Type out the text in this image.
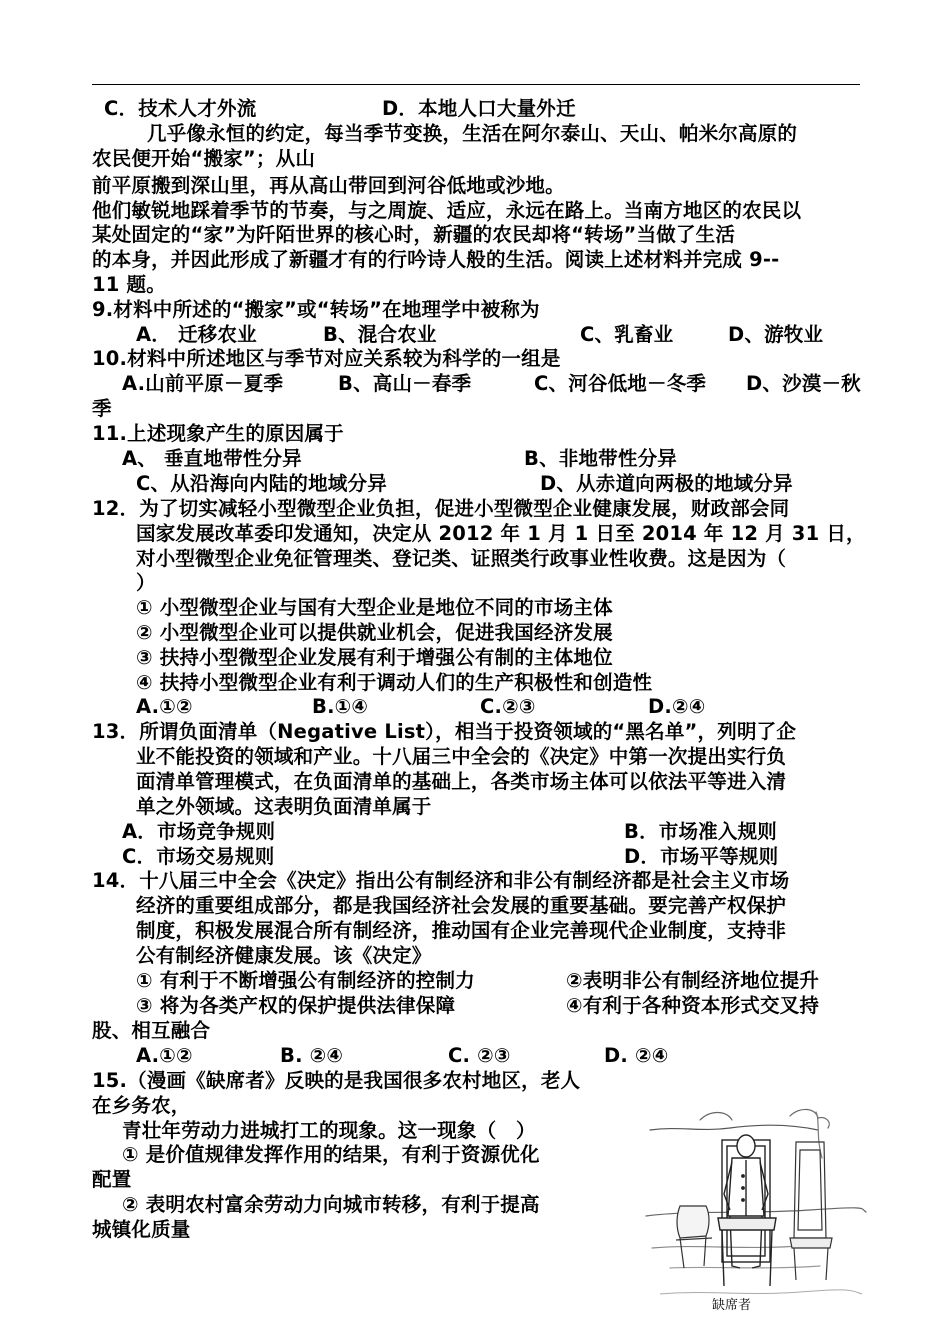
C．技术人才外流	D．本地人口大量外迁
几乎像永恒的约定，每当季节变换，生活在阿尔泰山、天山、帕米尔高原的
农民便开始“搬家”；从山
前平原搬到深山里，再从高山带回到河谷低地或沙地。
他们敏锐地踩着季节的节奏，与之周旋、适应，永远在路上。当南方地区的农民以
某处固定的“家”为阡陌世界的核心时，新疆的农民却将“转场”当做了生活
的本身，并因此形成了新疆才有的行吟诗人般的生活。阅读上述材料并完成 9--
11 题。
9.材料中所述的“搬家”或“转场”在地理学中被称为
A． 迁移农业	B、混合农业	C、乳畜业	D、游牧业
10.材料中所述地区与季节对应关系较为科学的一组是
A.山前平原－夏季	B、高山－春季	C、河谷低地－冬季 D、沙漠－秋
季
11.上述现象产生的原因属于
A、 垂直地带性分异	B、非地带性分异
C、从沿海向内陆的地域分异	D、从赤道向两极的地域分异
12．为了切实减轻小型微型企业负担，促进小型微型企业健康发展，财政部会同
国家发展改革委印发通知，决定从 2012 年 1 月 1 日至 2014 年 12 月 31 日，
对小型微型企业免征管理类、登记类、证照类行政事业性收费。这是因为（
）
① 小型微型企业与国有大型企业是地位不同的市场主体
② 小型微型企业可以提供就业机会，促进我国经济发展
③ 扶持小型微型企业发展有利于增强公有制的主体地位
④ 扶持小型微型企业有利于调动人们的生产积极性和创造性
A.①②	B.①④	C.②③	D.②④
13．所谓负面清单（Negative List），相当于投资领域的“黑名单”，列明了企
业不能投资的领域和产业。十八届三中全会的《决定》中第一次提出实行负
面清单管理模式，在负面清单的基础上，各类市场主体可以依法平等进入清
单之外领域。这表明负面清单属于
A．市场竞争规则	B．市场准入规则
C．市场交易规则	D．市场平等规则
14．十八届三中全会《决定》指出公有制经济和非公有制经济都是社会主义市场
经济的重要组成部分，都是我国经济社会发展的重要基础。要完善产权保护
制度，积极发展混合所有制经济，推动国有企业完善现代企业制度，支持非
公有制经济健康发展。该《决定》
① 有利于不断增强公有制经济的控制力	②表明非公有制经济地位提升
③ 将为各类产权的保护提供法律保障	④有利于各种资本形式交叉持
股、相互融合
A.①②	B. ②④	C. ②③	D. ②④
15.（漫画《缺席者》反映的是我国很多农村地区，老人
在乡务农，
青壮年劳动力进城打工的现象。这一现象（　）
① 是价值规律发挥作用的结果，有利于资源优化
配置
② 表明农村富余劳动力向城市转移，有利于提高
城镇化质量
缺席者
